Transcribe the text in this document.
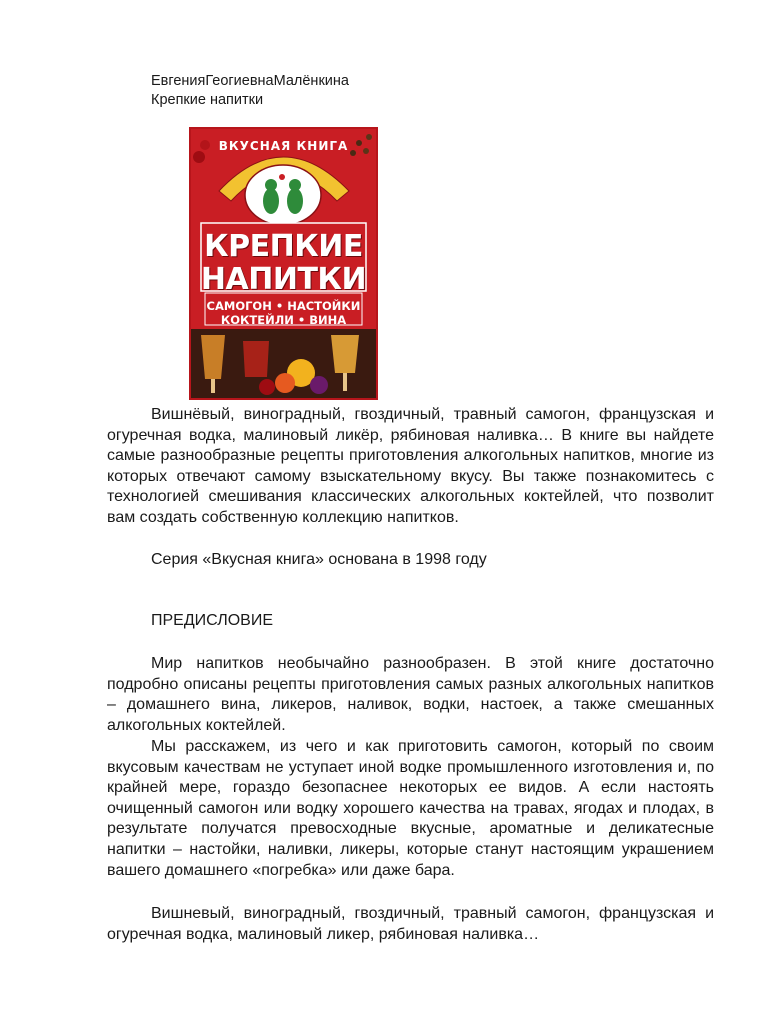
ЕвгенияГеогиевнаМалёнкина
Крепкие напитки
ВКУСНАЯ КНИГА
КРЕПКИЕ
НАПИТКИ
САМОГОН • НАСТОЙКИ
КОКТЕЙЛИ • ВИНА
Вишнёвый, виноградный, гвоздичный, травный самогон, французская и огуречная водка, малиновый ликёр, рябиновая наливка… В книге вы найдете самые разнообразные рецепты приготовления алкогольных напитков, многие из которых отвечают самому взыскательному вкусу. Вы также познакомитесь с технологией смешивания классических алкогольных коктейлей, что позволит вам создать собственную коллекцию напитков.
Серия «Вкусная книга» основана в 1998 году
ПРЕДИСЛОВИЕ
Мир напитков необычайно разнообразен. В этой книге достаточно подробно описаны рецепты приготовления самых разных алкогольных напитков – домашнего вина, ликеров, наливок, водки, настоек, а также смешанных алкогольных коктейлей.
Мы расскажем, из чего и как приготовить самогон, который по своим вкусовым качествам не уступает иной водке промышленного изготовления и, по крайней мере, гораздо безопаснее некоторых ее видов. А если настоять очищенный самогон или водку хорошего качества на травах, ягодах и плодах, в результате получатся превосходные вкусные, ароматные и деликатесные напитки – настойки, наливки, ликеры, которые станут настоящим украшением вашего домашнего «погребка» или даже бара.
Вишневый, виноградный, гвоздичный, травный самогон, французская и огуречная водка, малиновый ликер, рябиновая наливка…
